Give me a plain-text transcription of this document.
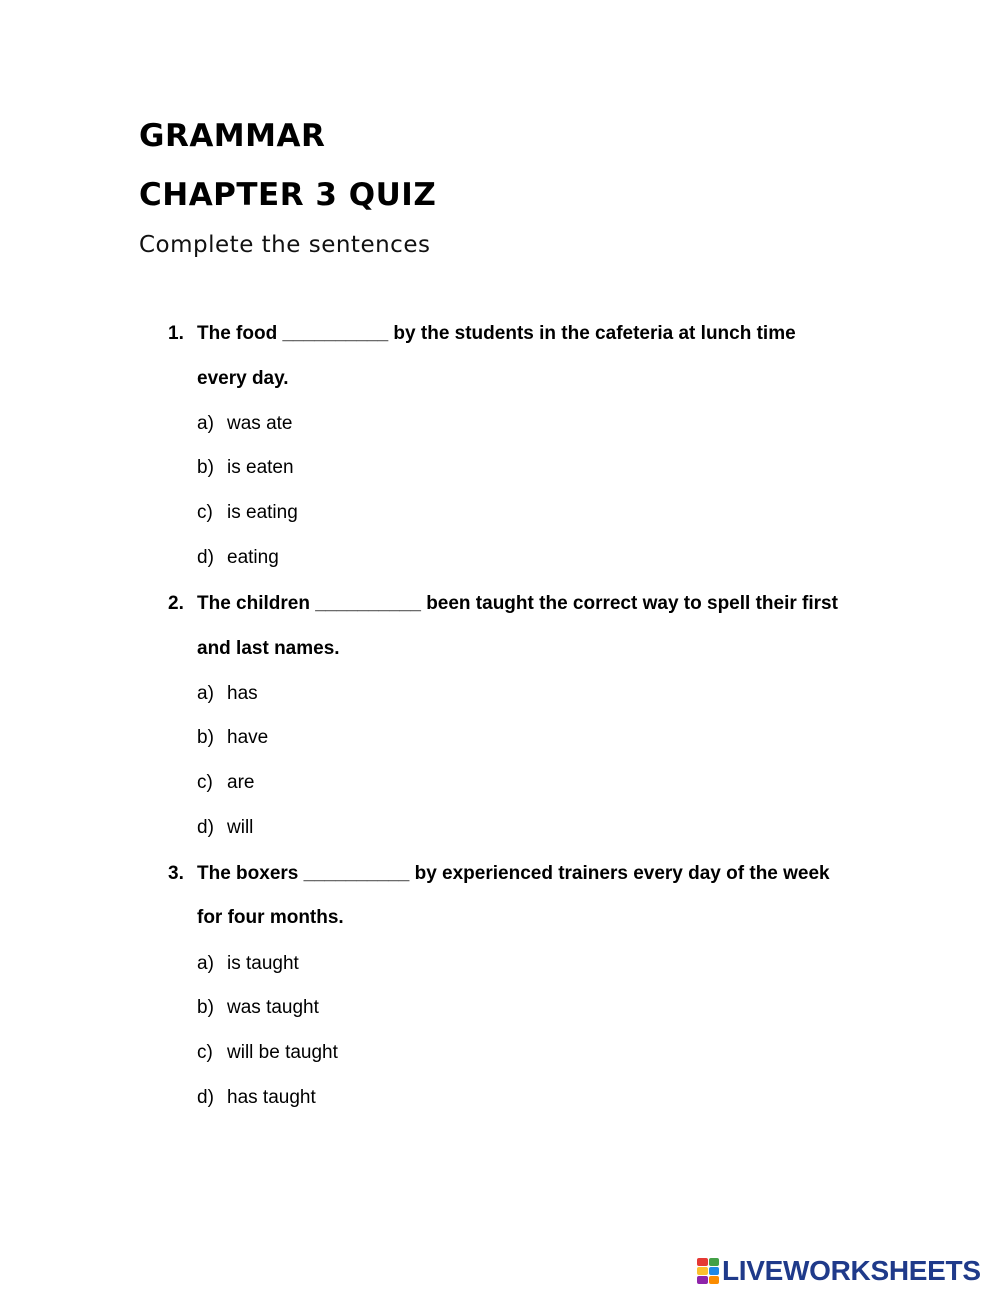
GRAMMAR
CHAPTER 3 QUIZ

Complete the sentences

1. The food __________ by the students in the cafeteria at lunch time
every day.
a) was ate
b) is eaten
c) is eating
d) eating
2. The children __________ been taught the correct way to spell their first
and last names.
a) has
b) have
c) are
d) will
3. The boxers __________ by experienced trainers every day of the week
for four months.
a) is taught
b) was taught
c) will be taught
d) has taught
LIVEWORKSHEETS
